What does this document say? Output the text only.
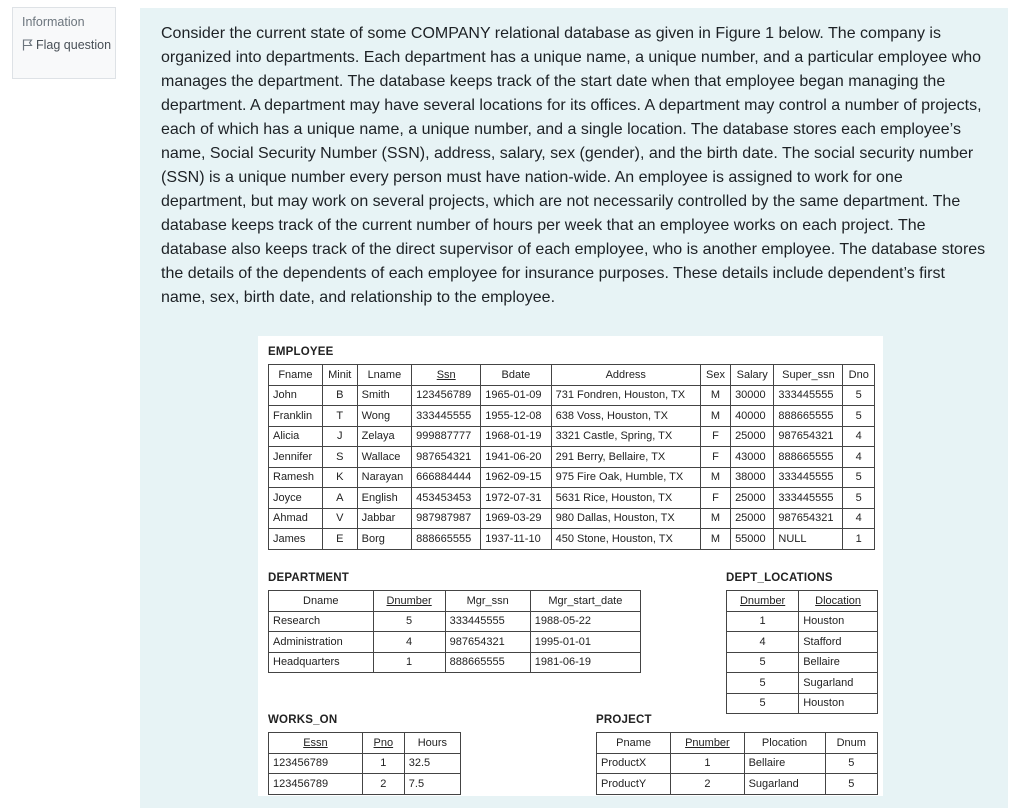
Information
Flag question

Consider the current state of some COMPANY relational database as given in Figure 1 below. The company is organized into departments. Each department has a unique name, a unique number, and a particular employee who manages the department. The database keeps track of the start date when that employee began managing the department. A department may have several locations for its offices. A department may control a number of projects, each of which has a unique name, a unique number, and a single location. The database stores each employee’s name, Social Security Number (SSN), address, salary, sex (gender), and the birth date. The social security number (SSN) is a unique number every person must have nation-wide. An employee is assigned to work for one department, but may work on several projects, which are not necessarily controlled by the same department. The database keeps track of the current number of hours per week that an employee works on each project. The database also keeps track of the direct supervisor of each employee, who is another employee. The database stores the details of the dependents of each employee for insurance purposes. These details include dependent’s first name, sex, birth date, and relationship to the employee.

EMPLOYEE
Fname	Minit	Lname	Ssn	Bdate	Address	Sex	Salary	Super_ssn	Dno
John	B	Smith	123456789	1965-01-09	731 Fondren, Houston, TX	M	30000	333445555	5
Franklin	T	Wong	333445555	1955-12-08	638 Voss, Houston, TX	M	40000	888665555	5
Alicia	J	Zelaya	999887777	1968-01-19	3321 Castle, Spring, TX	F	25000	987654321	4
Jennifer	S	Wallace	987654321	1941-06-20	291 Berry, Bellaire, TX	F	43000	888665555	4
Ramesh	K	Narayan	666884444	1962-09-15	975 Fire Oak, Humble, TX	M	38000	333445555	5
Joyce	A	English	453453453	1972-07-31	5631 Rice, Houston, TX	F	25000	333445555	5
Ahmad	V	Jabbar	987987987	1969-03-29	980 Dallas, Houston, TX	M	25000	987654321	4
James	E	Borg	888665555	1937-11-10	450 Stone, Houston, TX	M	55000	NULL	1
DEPARTMENT
Dname	Dnumber	Mgr_ssn	Mgr_start_date
Research	5	333445555	1988-05-22
Administration	4	987654321	1995-01-01
Headquarters	1	888665555	1981-06-19
DEPT_LOCATIONS
Dnumber	Dlocation
1	Houston
4	Stafford
5	Bellaire
5	Sugarland
5	Houston
WORKS_ON
Essn	Pno	Hours
123456789	1	32.5
123456789	2	7.5
PROJECT
Pname	Pnumber	Plocation	Dnum
ProductX	1	Bellaire	5
ProductY	2	Sugarland	5
